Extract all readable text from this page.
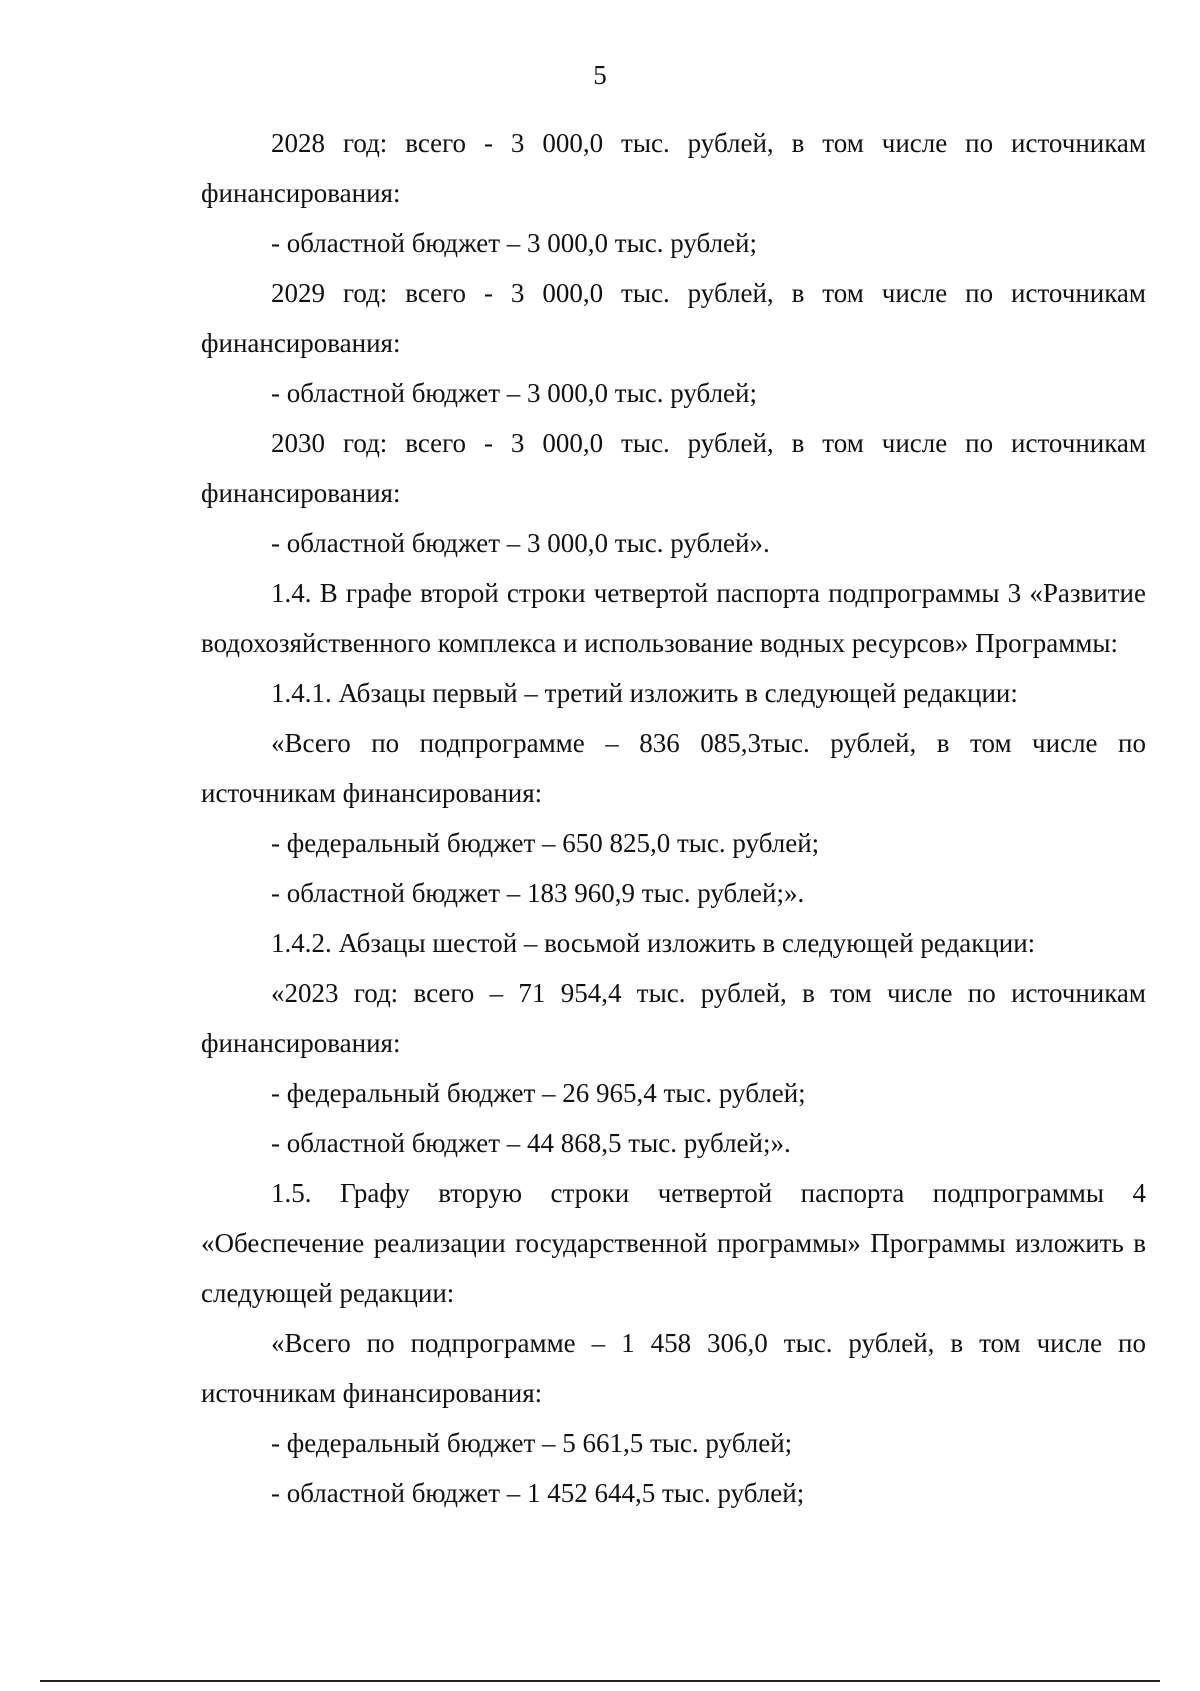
5

2028 год: всего - 3 000,0 тыс. рублей, в том числе по источникам финансирования:

- областной бюджет – 3 000,0 тыс. рублей;

2029 год: всего - 3 000,0 тыс. рублей, в том числе по источникам финансирования:

- областной бюджет – 3 000,0 тыс. рублей;

2030 год: всего - 3 000,0 тыс. рублей, в том числе по источникам финансирования:

- областной бюджет – 3 000,0 тыс. рублей».

1.4. В графе второй строки четвертой паспорта подпрограммы 3 «Развитие водохозяйственного комплекса и использование водных ресурсов» Программы:

1.4.1. Абзацы первый – третий изложить в следующей редакции:

«Всего по подпрограмме – 836 085,3тыс. рублей, в том числе по источникам финансирования:

- федеральный бюджет – 650 825,0 тыс. рублей;

- областной бюджет – 183 960,9 тыс. рублей;».

1.4.2. Абзацы шестой – восьмой изложить в следующей редакции:

«2023 год: всего – 71 954,4 тыс. рублей, в том числе по источникам финансирования:

- федеральный бюджет – 26 965,4 тыс. рублей;

- областной бюджет – 44 868,5 тыс. рублей;».

1.5. Графу вторую строки четвертой паспорта подпрограммы 4 «Обеспечение реализации государственной программы» Программы изложить в следующей редакции:

«Всего по подпрограмме – 1 458 306,0 тыс. рублей, в том числе по источникам финансирования:

- федеральный бюджет – 5 661,5 тыс. рублей;

- областной бюджет – 1 452 644,5 тыс. рублей;
